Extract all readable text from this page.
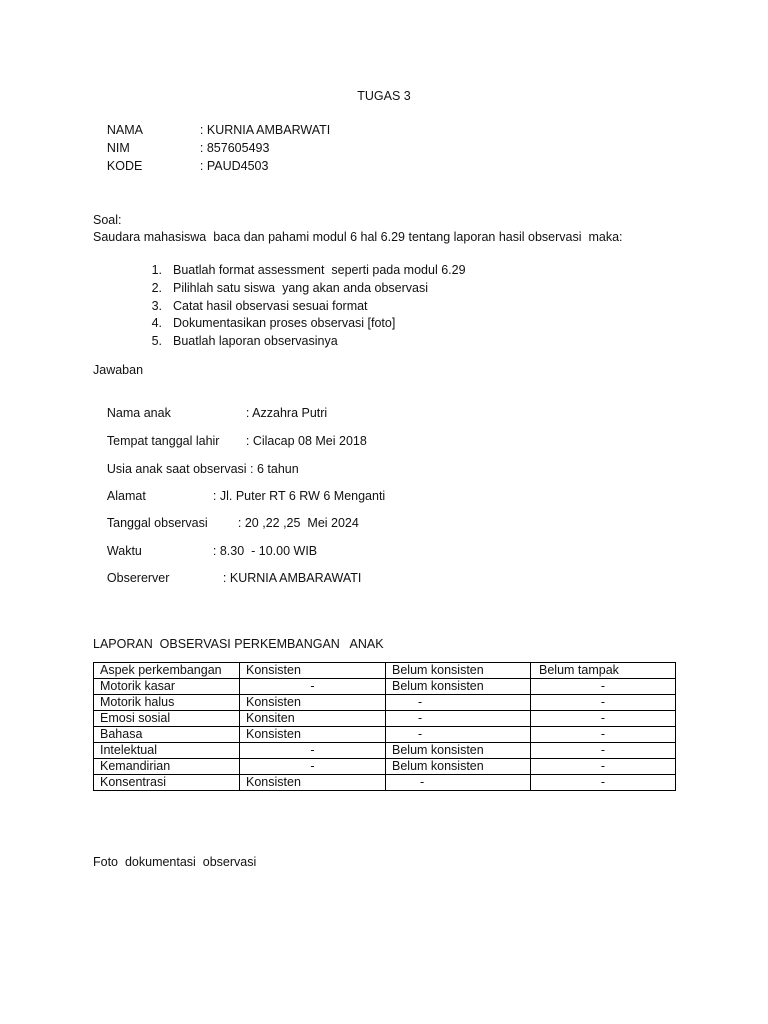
TUGAS 3

NAMA	: KURNIA AMBARWATI

NIM	: 857605493

KODE	: PAUD4503

Soal:
Saudara mahasiswa  baca dan pahami modul 6 hal 6.29 tentang laporan hasil observasi  maka:
1. Buatlah format assessment  seperti pada modul 6.29
2. Pilihlah satu siswa  yang akan anda observasi
3. Catat hasil observasi sesuai format
4. Dokumentasikan proses observasi [foto]
5. Buatlah laporan observasinya
Jawaban

Nama anak	: Azzahra Putri

Tempat tanggal lahir : Cilacap 08 Mei 2018

Usia anak saat observasi : 6 tahun

Alamat	: Jl. Puter RT 6 RW 6 Menganti

Tanggal observasi : 20 ,22 ,25  Mei 2024

Waktu	: 8.30  - 10.00 WIB

Obsererver	: KURNIA AMBARAWATI

LAPORAN  OBSERVASI PERKEMBANGAN   ANAK
Aspek perkembangan	Konsisten	Belum konsisten	Belum tampak
Motorik kasar	-	Belum konsisten	-
Motorik halus	Konsisten	-	-
Emosi sosial	Konsiten	-	-
Bahasa	Konsisten	-	-
Intelektual	-	Belum konsisten	-
Kemandirian	-	Belum konsisten	-
Konsentrasi	Konsisten	-	-
Foto  dokumentasi  observasi
